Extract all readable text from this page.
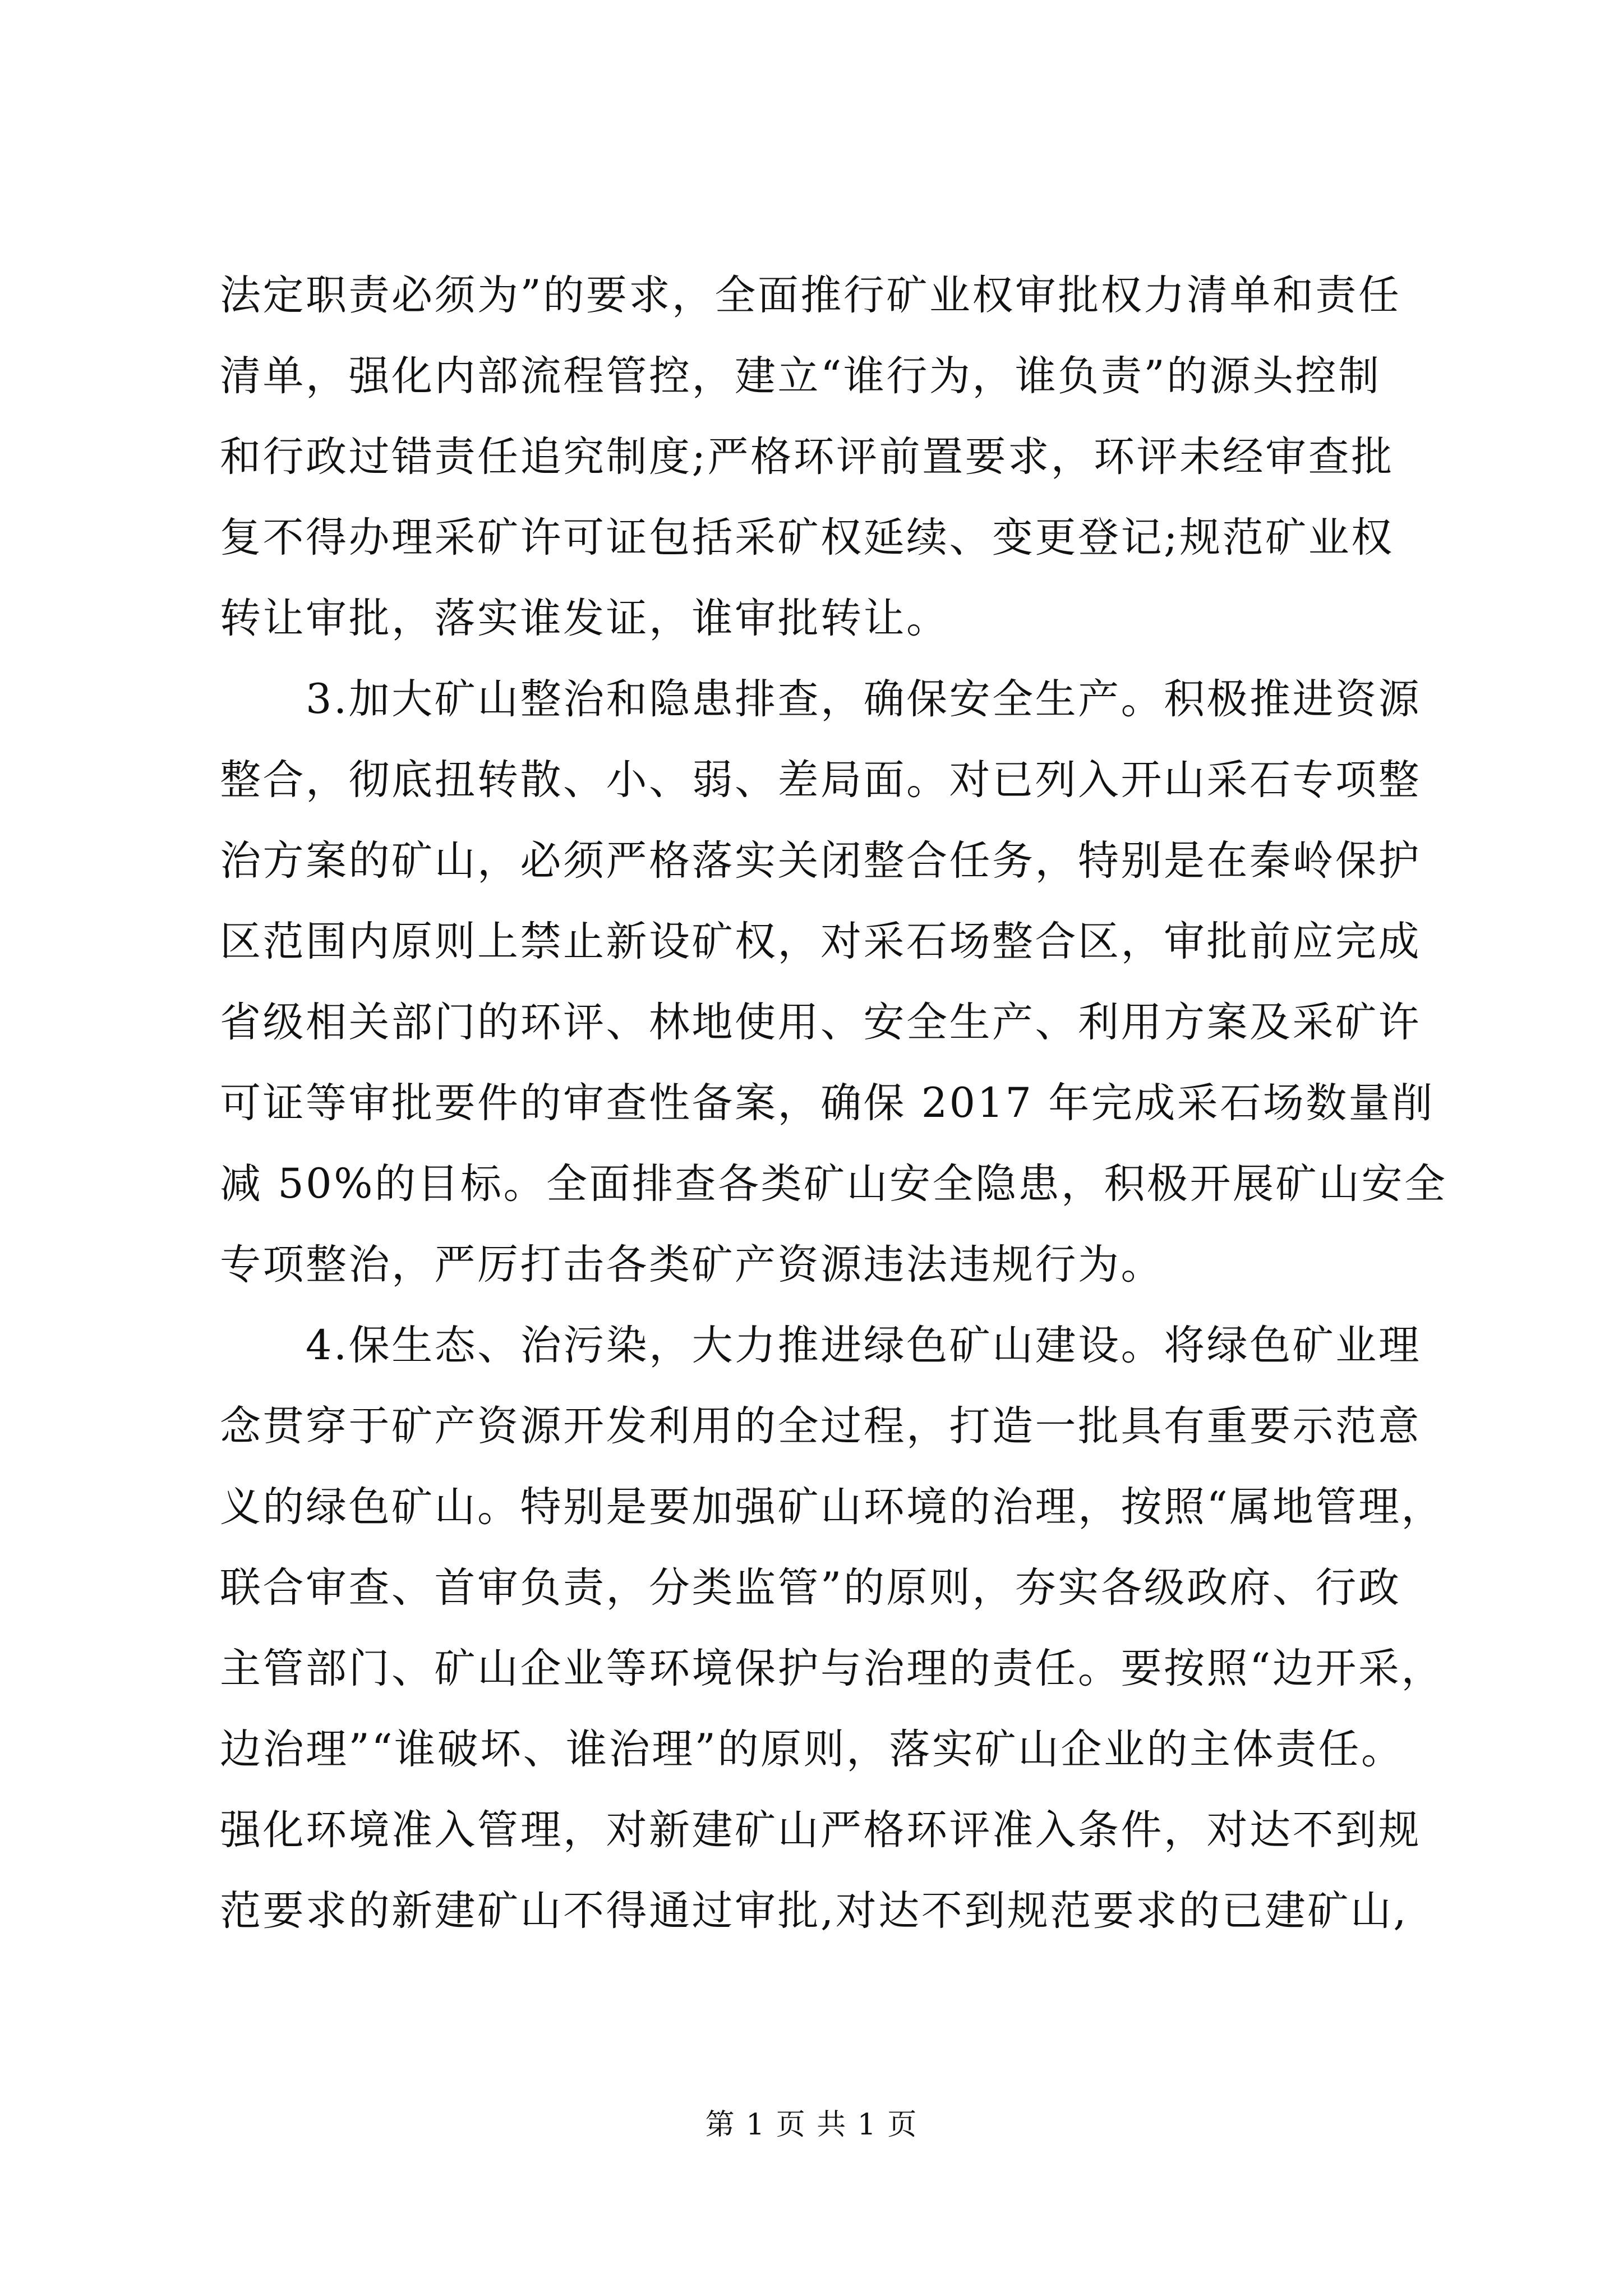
法定职责必须为”的要求，全面推行矿业权审批权力清单和责任
清单，强化内部流程管控，建立“谁行为，谁负责”的源头控制
和行政过错责任追究制度;严格环评前置要求，环评未经审查批
复不得办理采矿许可证包括采矿权延续、变更登记;规范矿业权
转让审批，落实谁发证，谁审批转让。
　　3.加大矿山整治和隐患排查，确保安全生产。积极推进资源
整合，彻底扭转散、小、弱、差局面。对已列入开山采石专项整
治方案的矿山，必须严格落实关闭整合任务，特别是在秦岭保护
区范围内原则上禁止新设矿权，对采石场整合区，审批前应完成
省级相关部门的环评、林地使用、安全生产、利用方案及采矿许
可证等审批要件的审查性备案，确保 2017 年完成采石场数量削
减 50%的目标。全面排查各类矿山安全隐患，积极开展矿山安全
专项整治，严厉打击各类矿产资源违法违规行为。
　　4.保生态、治污染，大力推进绿色矿山建设。将绿色矿业理
念贯穿于矿产资源开发利用的全过程，打造一批具有重要示范意
义的绿色矿山。特别是要加强矿山环境的治理，按照“属地管理，
联合审查、首审负责，分类监管”的原则，夯实各级政府、行政
主管部门、矿山企业等环境保护与治理的责任。要按照“边开采，
边治理”“谁破坏、谁治理”的原则，落实矿山企业的主体责任。
强化环境准入管理，对新建矿山严格环评准入条件，对达不到规
范要求的新建矿山不得通过审批,对达不到规范要求的已建矿山,
第 1 页 共 1 页
